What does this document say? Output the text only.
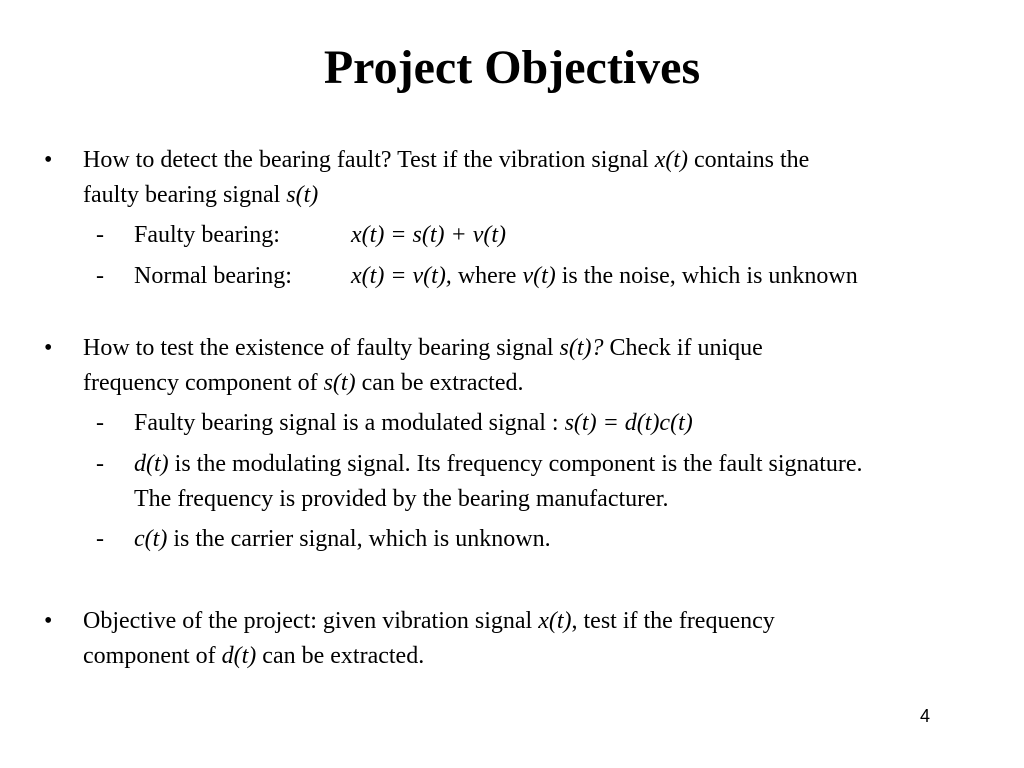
Project Objectives
•	How to detect the bearing fault? Test if the vibration signal x(t) contains the
faulty bearing signal s(t)
-	Faulty bearing:	x(t) = s(t) + v(t)
-	Normal bearing: x(t) = v(t), where v(t) is the noise, which is unknown
•	How to test the existence of faulty bearing signal s(t)? Check if unique
frequency component of s(t) can be extracted.
-	Faulty bearing signal is a modulated signal : s(t) = d(t)c(t)
-	d(t) is the modulating signal. Its frequency component is the fault signature.
The frequency is provided by the bearing manufacturer.
-	c(t) is the carrier signal, which is unknown.
•	Objective of the project: given vibration signal x(t), test if the frequency
component of d(t) can be extracted.
4
